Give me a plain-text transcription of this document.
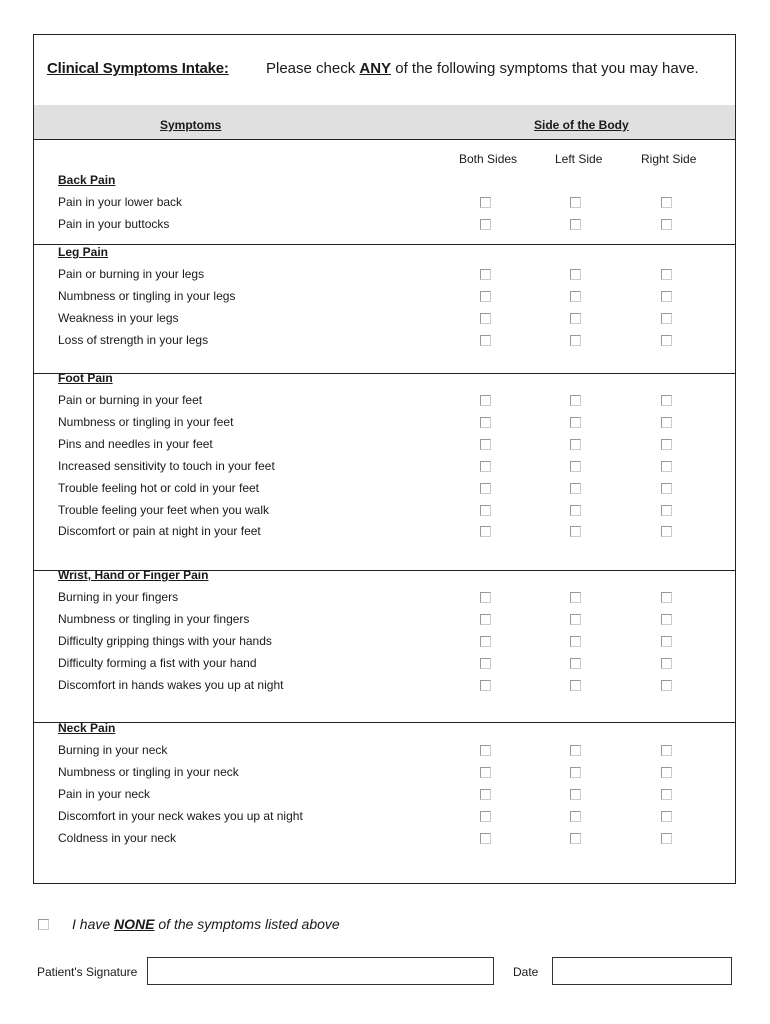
Clinical Symptoms Intake: Please check ANY of the following symptoms that you may have.
Symptoms	Side of the Body
Both Sides	Left Side	Right Side
Back Pain
Pain in your lower back
Pain in your buttocks
Leg Pain
Pain or burning in your legs
Numbness or tingling in your legs
Weakness in your legs
Loss of strength in your legs
Foot Pain
Pain or burning in your feet
Numbness or tingling in your feet
Pins and needles in your feet
Increased sensitivity to touch in your feet
Trouble feeling hot or cold in your feet
Trouble feeling your feet when you walk
Discomfort or pain at night in your feet
Wrist, Hand or Finger Pain
Burning in your fingers
Numbness or tingling in your fingers
Difficulty gripping things with your hands
Difficulty forming a fist with your hand
Discomfort in hands wakes you up at night
Neck Pain
Burning in your neck
Numbness or tingling in your neck
Pain in your neck
Discomfort in your neck wakes you up at night
Coldness in your neck
I have NONE of the symptoms listed above
Patient's Signature	Date
